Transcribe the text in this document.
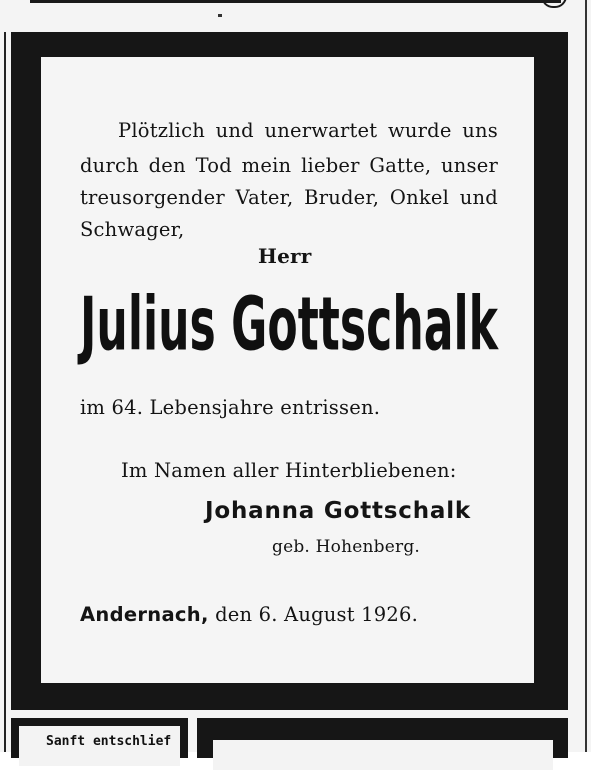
Plötzlich und unerwartet wurde uns
durch den Tod mein lieber Gatte, unser
treusorgender Vater, Bruder, Onkel und
Schwager,
Herr
Julius Gottschalk
im 64. Lebensjahre entrissen.
Im Namen aller Hinterbliebenen:
Johanna Gottschalk
geb. Hohenberg.
Andernach, den 6. August 1926.
Sanft entschlief
